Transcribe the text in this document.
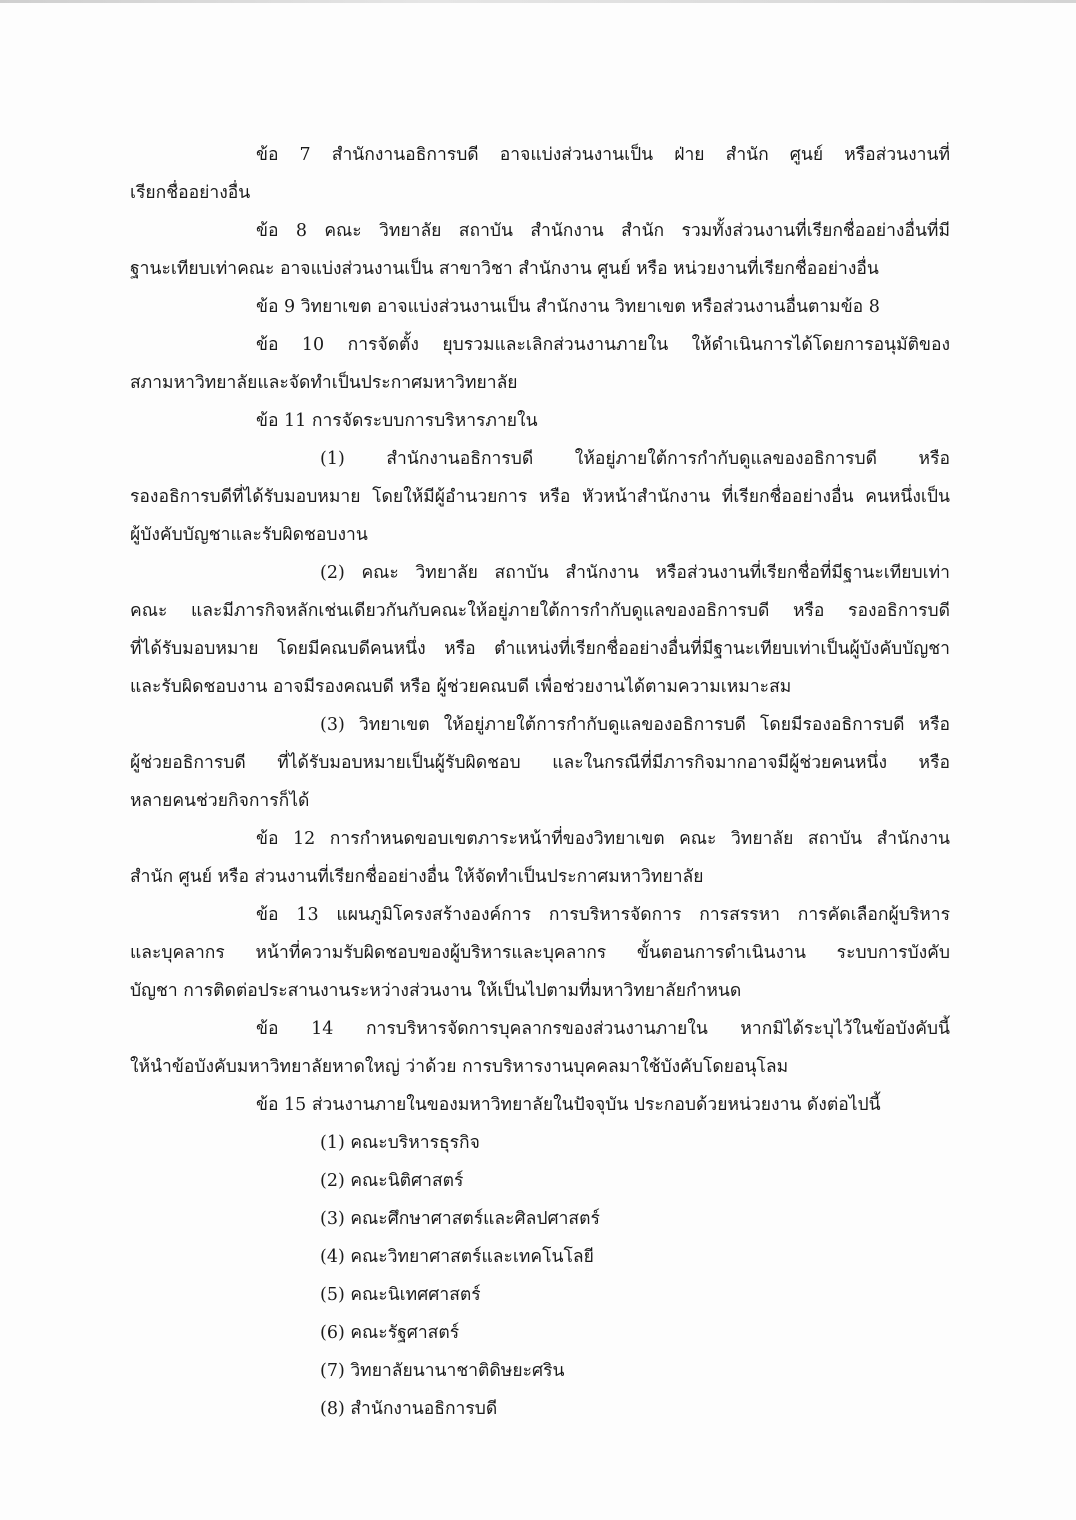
ข้อ 7 สำนักงานอธิการบดี อาจแบ่งส่วนงานเป็น ฝ่าย สำนัก ศูนย์ หรือส่วนงานที่
เรียกชื่ออย่างอื่น
ข้อ 8 คณะ วิทยาลัย สถาบัน สำนักงาน สำนัก รวมทั้งส่วนงานที่เรียกชื่ออย่างอื่นที่มี
ฐานะเทียบเท่าคณะ อาจแบ่งส่วนงานเป็น สาขาวิชา สำนักงาน ศูนย์ หรือ หน่วยงานที่เรียกชื่ออย่างอื่น
ข้อ 9 วิทยาเขต อาจแบ่งส่วนงานเป็น สำนักงาน วิทยาเขต หรือส่วนงานอื่นตามข้อ 8
ข้อ 10 การจัดตั้ง ยุบรวมและเลิกส่วนงานภายใน ให้ดำเนินการได้โดยการอนุมัติของ
สภามหาวิทยาลัยและจัดทำเป็นประกาศมหาวิทยาลัย
ข้อ 11 การจัดระบบการบริหารภายใน
(1) สำนักงานอธิการบดี ให้อยู่ภายใต้การกำกับดูแลของอธิการบดี หรือ
รองอธิการบดีที่ได้รับมอบหมาย โดยให้มีผู้อำนวยการ หรือ หัวหน้าสำนักงาน ที่เรียกชื่ออย่างอื่น คนหนึ่งเป็น
ผู้บังคับบัญชาและรับผิดชอบงาน
(2) คณะ วิทยาลัย สถาบัน สำนักงาน หรือส่วนงานที่เรียกชื่อที่มีฐานะเทียบเท่า
คณะ และมีภารกิจหลักเช่นเดียวกันกับคณะให้อยู่ภายใต้การกำกับดูแลของอธิการบดี หรือ รองอธิการบดี
ที่ได้รับมอบหมาย โดยมีคณบดีคนหนึ่ง หรือ ตำแหน่งที่เรียกชื่ออย่างอื่นที่มีฐานะเทียบเท่าเป็นผู้บังคับบัญชา
และรับผิดชอบงาน อาจมีรองคณบดี หรือ ผู้ช่วยคณบดี เพื่อช่วยงานได้ตามความเหมาะสม
(3) วิทยาเขต ให้อยู่ภายใต้การกำกับดูแลของอธิการบดี โดยมีรองอธิการบดี หรือ
ผู้ช่วยอธิการบดี ที่ได้รับมอบหมายเป็นผู้รับผิดชอบ และในกรณีที่มีภารกิจมากอาจมีผู้ช่วยคนหนึ่ง หรือ
หลายคนช่วยกิจการก็ได้
ข้อ 12 การกำหนดขอบเขตภาระหน้าที่ของวิทยาเขต คณะ วิทยาลัย สถาบัน สำนักงาน
สำนัก ศูนย์ หรือ ส่วนงานที่เรียกชื่ออย่างอื่น ให้จัดทำเป็นประกาศมหาวิทยาลัย
ข้อ 13 แผนภูมิโครงสร้างองค์การ การบริหารจัดการ การสรรหา การคัดเลือกผู้บริหาร
และบุคลากร หน้าที่ความรับผิดชอบของผู้บริหารและบุคลากร ขั้นตอนการดำเนินงาน ระบบการบังคับ
บัญชา การติดต่อประสานงานระหว่างส่วนงาน ให้เป็นไปตามที่มหาวิทยาลัยกำหนด
ข้อ 14 การบริหารจัดการบุคลากรของส่วนงานภายใน หากมิได้ระบุไว้ในข้อบังคับนี้
ให้นำข้อบังคับมหาวิทยาลัยหาดใหญ่ ว่าด้วย การบริหารงานบุคคลมาใช้บังคับโดยอนุโลม
ข้อ 15 ส่วนงานภายในของมหาวิทยาลัยในปัจจุบัน ประกอบด้วยหน่วยงาน ดังต่อไปนี้
(1) คณะบริหารธุรกิจ
(2) คณะนิติศาสตร์
(3) คณะศึกษาศาสตร์และศิลปศาสตร์
(4) คณะวิทยาศาสตร์และเทคโนโลยี
(5) คณะนิเทศศาสตร์
(6) คณะรัฐศาสตร์
(7) วิทยาลัยนานาชาติดิษยะศริน
(8) สำนักงานอธิการบดี
